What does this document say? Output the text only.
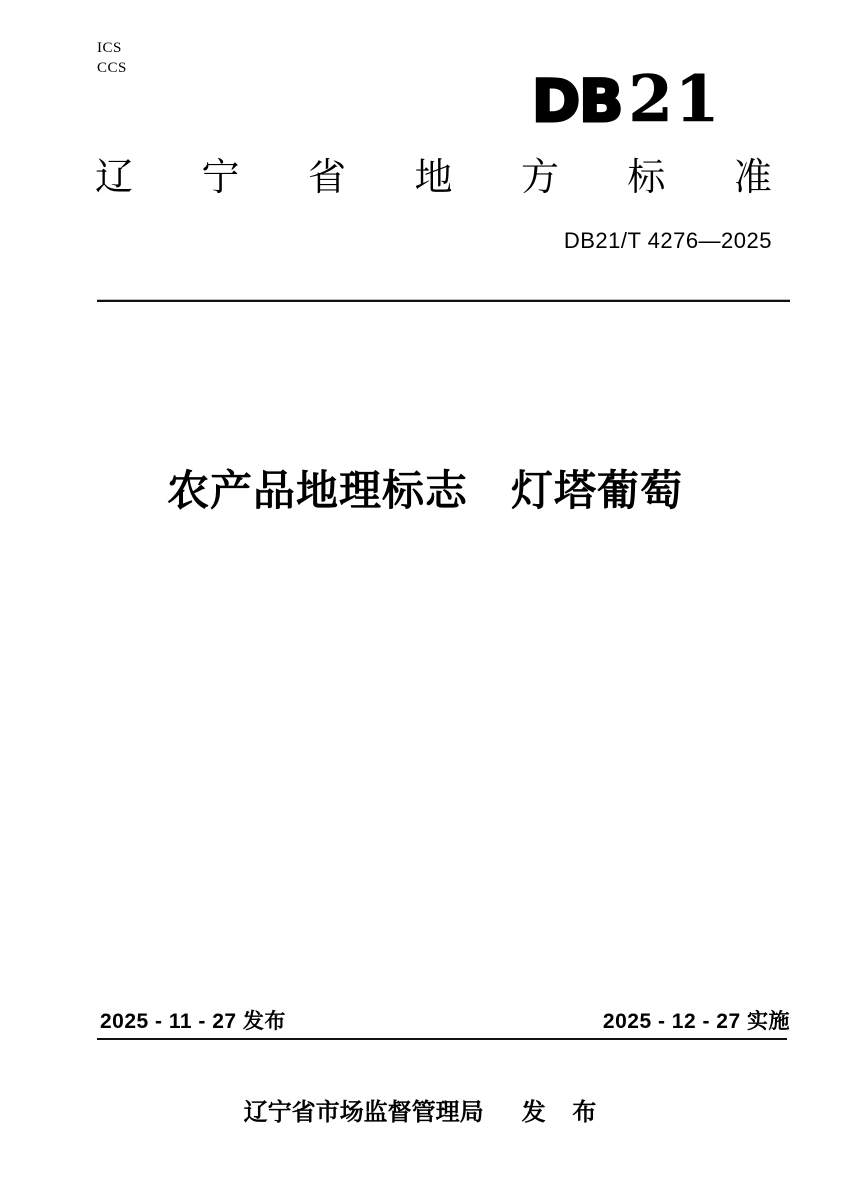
ICS
CCS	DB21
辽 宁 省 地 方 标 准
DB21/T 4276—2025
农产品地理标志　灯塔葡萄
2025 - 11 - 27 发布	2025 - 12 - 27 实施
辽宁省市场监督管理局 发 布
